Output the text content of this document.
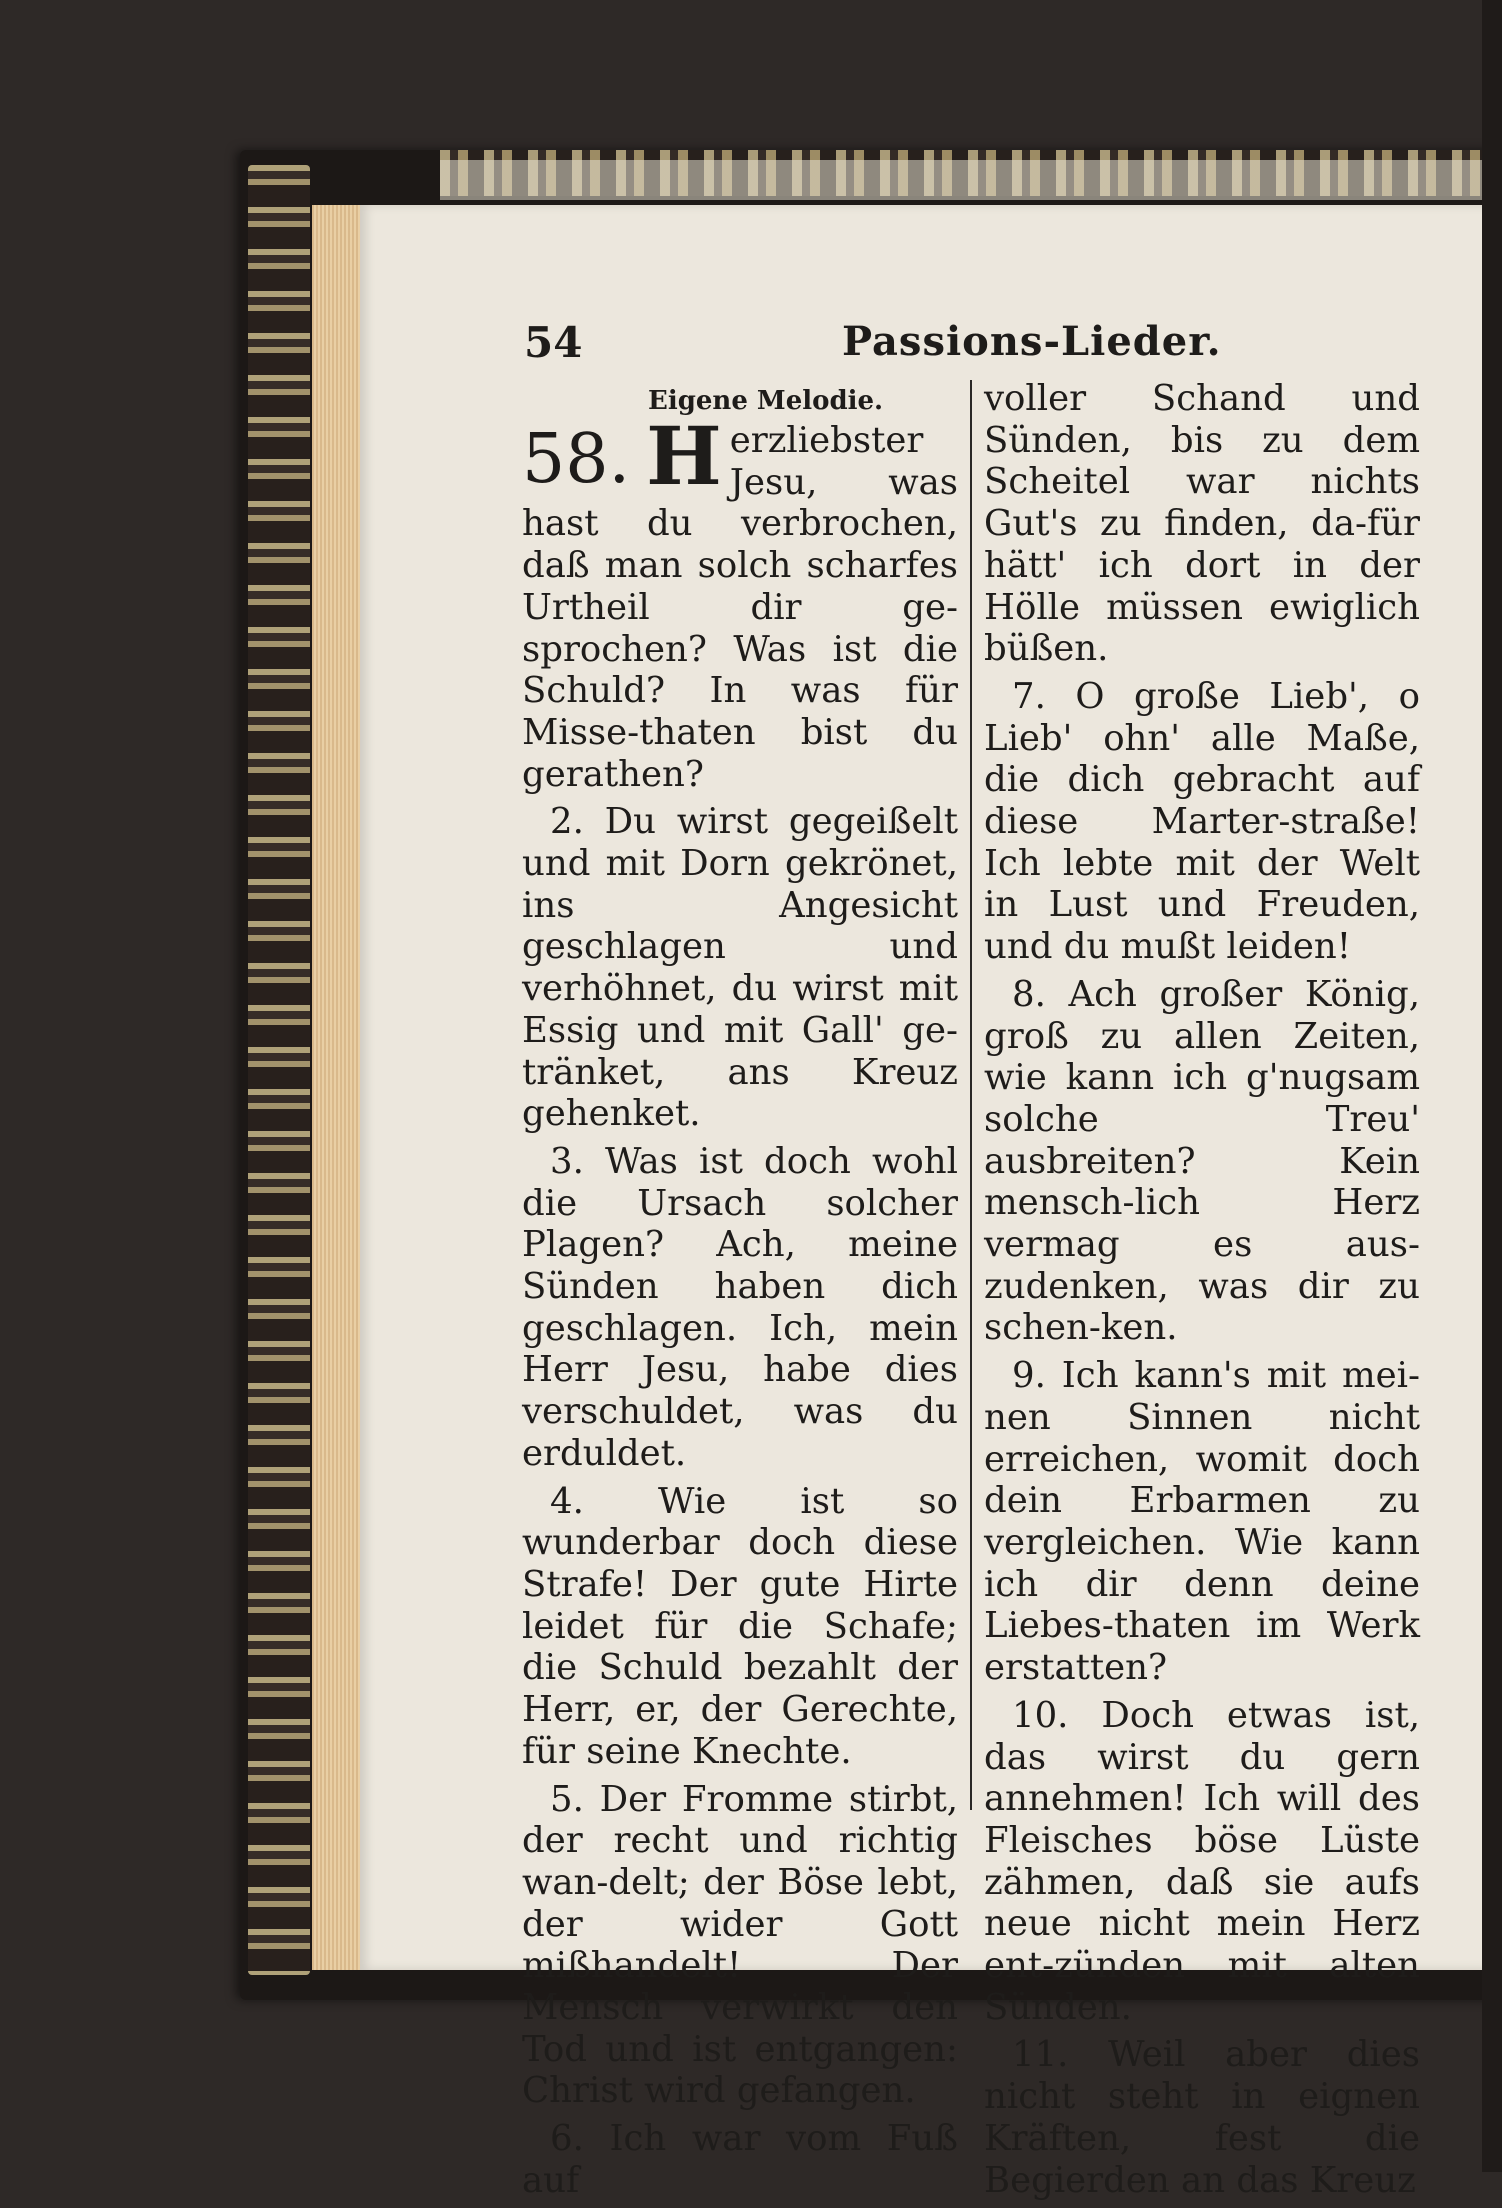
54	Passions-Lieder.
Eigene Melodie.

58. H erzliebster Jesu, was hast du verbrochen, daß man solch scharfes Urtheil dir ge-sprochen? Was ist die Schuld? In was für Misse-thaten bist du gerathen?

2. Du wirst gegeißelt und mit Dorn gekrönet, ins Angesicht geschlagen und verhöhnet, du wirst mit Essig und mit Gall' ge-tränket, ans Kreuz gehenket.

3. Was ist doch wohl die Ursach solcher Plagen? Ach, meine Sünden haben dich geschlagen. Ich, mein Herr Jesu, habe dies verschuldet, was du erduldet.

4. Wie ist so wunderbar doch diese Strafe! Der gute Hirte leidet für die Schafe; die Schuld bezahlt der Herr, er, der Gerechte, für seine Knechte.

5. Der Fromme stirbt, der recht und richtig wan-delt; der Böse lebt, der wider Gott mißhandelt! Der Mensch verwirkt den Tod und ist entgangen: Christ wird gefangen.

6. Ich war vom Fuß auf

voller Schand und Sünden, bis zu dem Scheitel war nichts Gut's zu finden, da-für hätt' ich dort in der Hölle müssen ewiglich büßen.

7. O große Lieb', o Lieb' ohn' alle Maße, die dich gebracht auf diese Marter-straße! Ich lebte mit der Welt in Lust und Freuden, und du mußt leiden!

8. Ach großer König, groß zu allen Zeiten, wie kann ich g'nugsam solche Treu' ausbreiten? Kein mensch-lich Herz vermag es aus-zudenken, was dir zu schen-ken.

9. Ich kann's mit mei-nen Sinnen nicht erreichen, womit doch dein Erbarmen zu vergleichen. Wie kann ich dir denn deine Liebes-thaten im Werk erstatten?

10. Doch etwas ist, das wirst du gern annehmen! Ich will des Fleisches böse Lüste zähmen, daß sie aufs neue nicht mein Herz ent-zünden mit alten Sünden.

11. Weil aber dies nicht steht in eignen Kräften, fest die Begierden an das Kreuz
